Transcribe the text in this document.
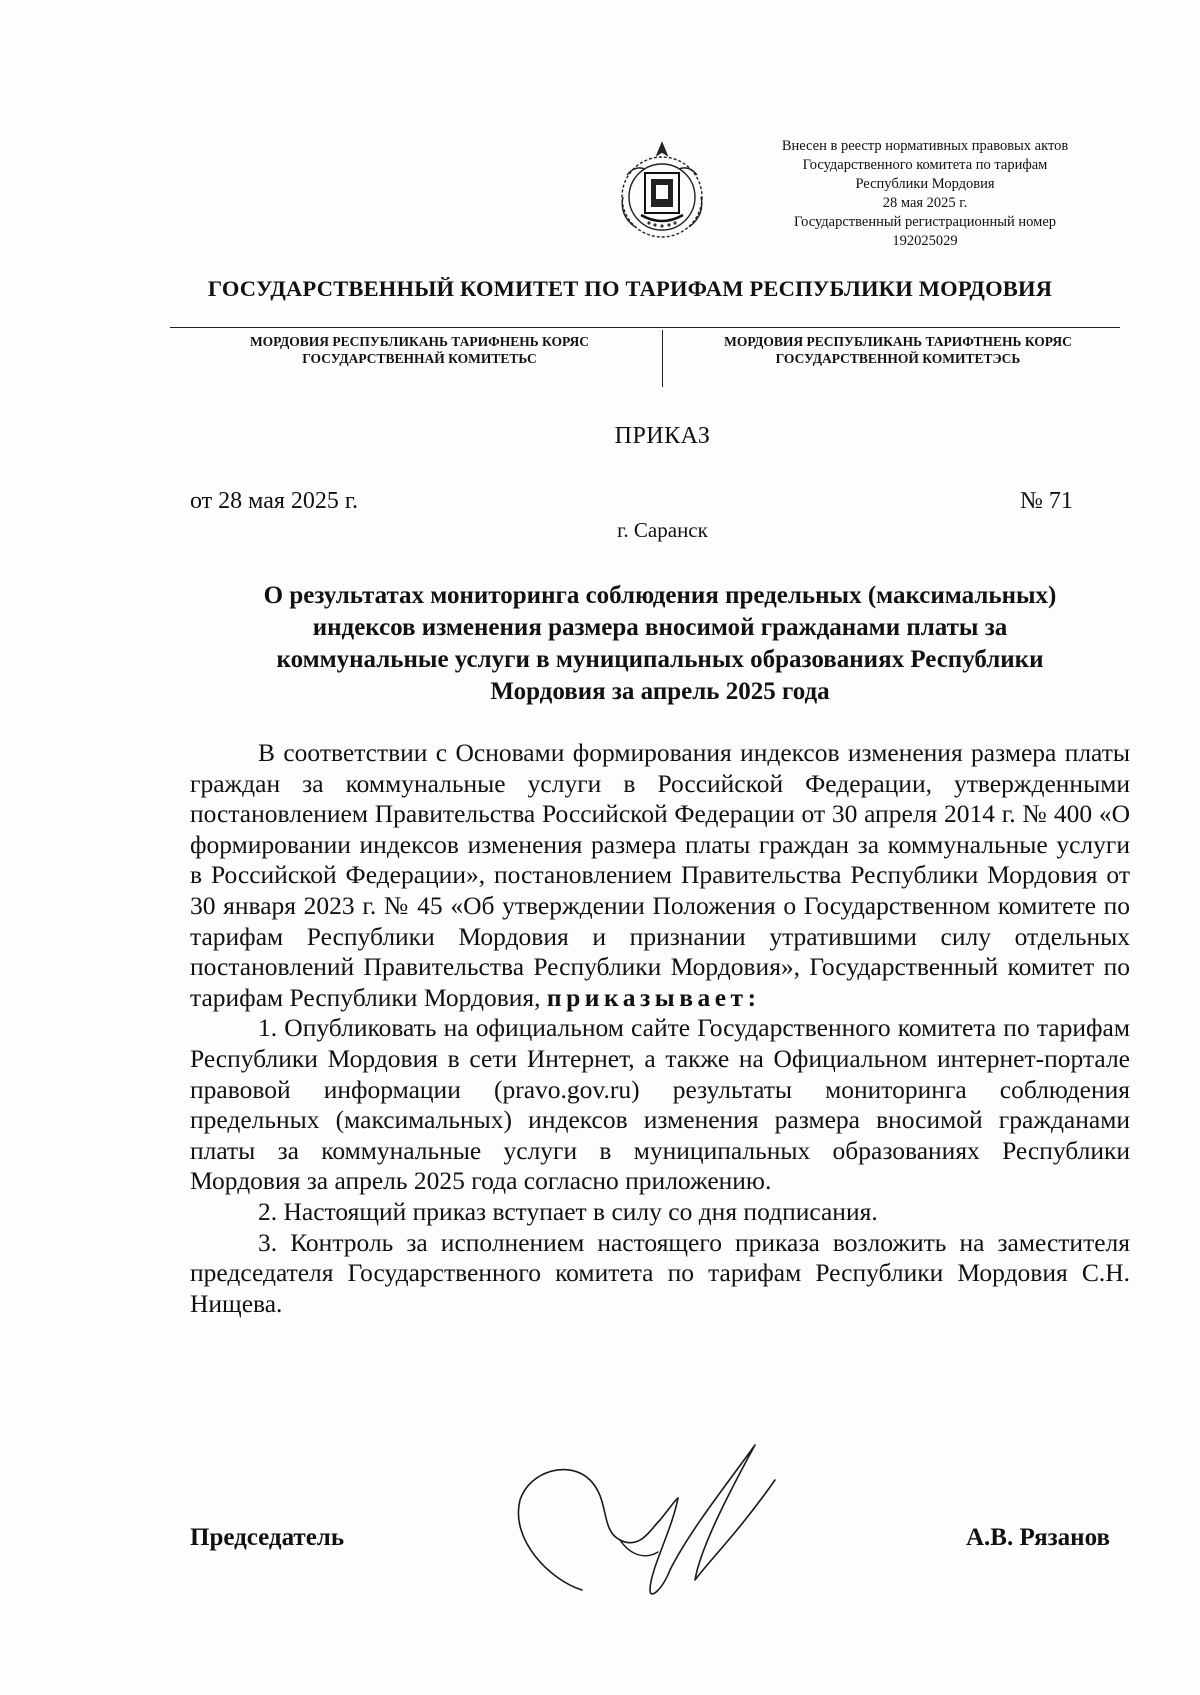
Внесен в реестр нормативных правовых актов
Государственного комитета по тарифам
Республики Мордовия
28 мая 2025 г.
Государственный регистрационный номер
192025029
ГОСУДАРСТВЕННЫЙ КОМИТЕТ ПО ТАРИФАМ РЕСПУБЛИКИ МОРДОВИЯ
МОРДОВИЯ РЕСПУБЛИКАНЬ ТАРИФНЕНЬ КОРЯС
ГОСУДАРСТВЕННАЙ КОМИТЕТЬС
МОРДОВИЯ РЕСПУБЛИКАНЬ ТАРИФТНЕНЬ КОРЯС
ГОСУДАРСТВЕННОЙ КОМИТЕТЭСЬ
ПРИКАЗ
от 28 мая 2025 г.	№ 71
г. Саранск
О результатах мониторинга соблюдения предельных (максимальных)
индексов изменения размера вносимой гражданами платы за
коммунальные услуги в муниципальных образованиях Республики
Мордовия за апрель 2025 года

В соответствии с Основами формирования индексов изменения размера платы граждан за коммунальные услуги в Российской Федерации, утвержденными постановлением Правительства Российской Федерации от 30 апреля 2014 г. № 400 «О формировании индексов изменения размера платы граждан за коммунальные услуги в Российской Федерации», постановлением Правительства Республики Мордовия от 30 января 2023 г. № 45 «Об утверждении Положения о Государственном комитете по тарифам Республики Мордовия и признании утратившими силу отдельных постановлений Правительства Республики Мордовия», Государственный комитет по тарифам Республики Мордовия, приказывает:

1. Опубликовать на официальном сайте Государственного комитета по тарифам Республики Мордовия в сети Интернет, а также на Официальном интернет-портале правовой информации (pravo.gov.ru) результаты мониторинга соблюдения предельных (максимальных) индексов изменения размера вносимой гражданами платы за коммунальные услуги в муниципальных образованиях Республики Мордовия за апрель 2025 года согласно приложению.

2. Настоящий приказ вступает в силу со дня подписания.

3. Контроль за исполнением настоящего приказа возложить на заместителя председателя Государственного комитета по тарифам Республики Мордовия С.Н. Нищева.

Председатель	А.В. Рязанов
